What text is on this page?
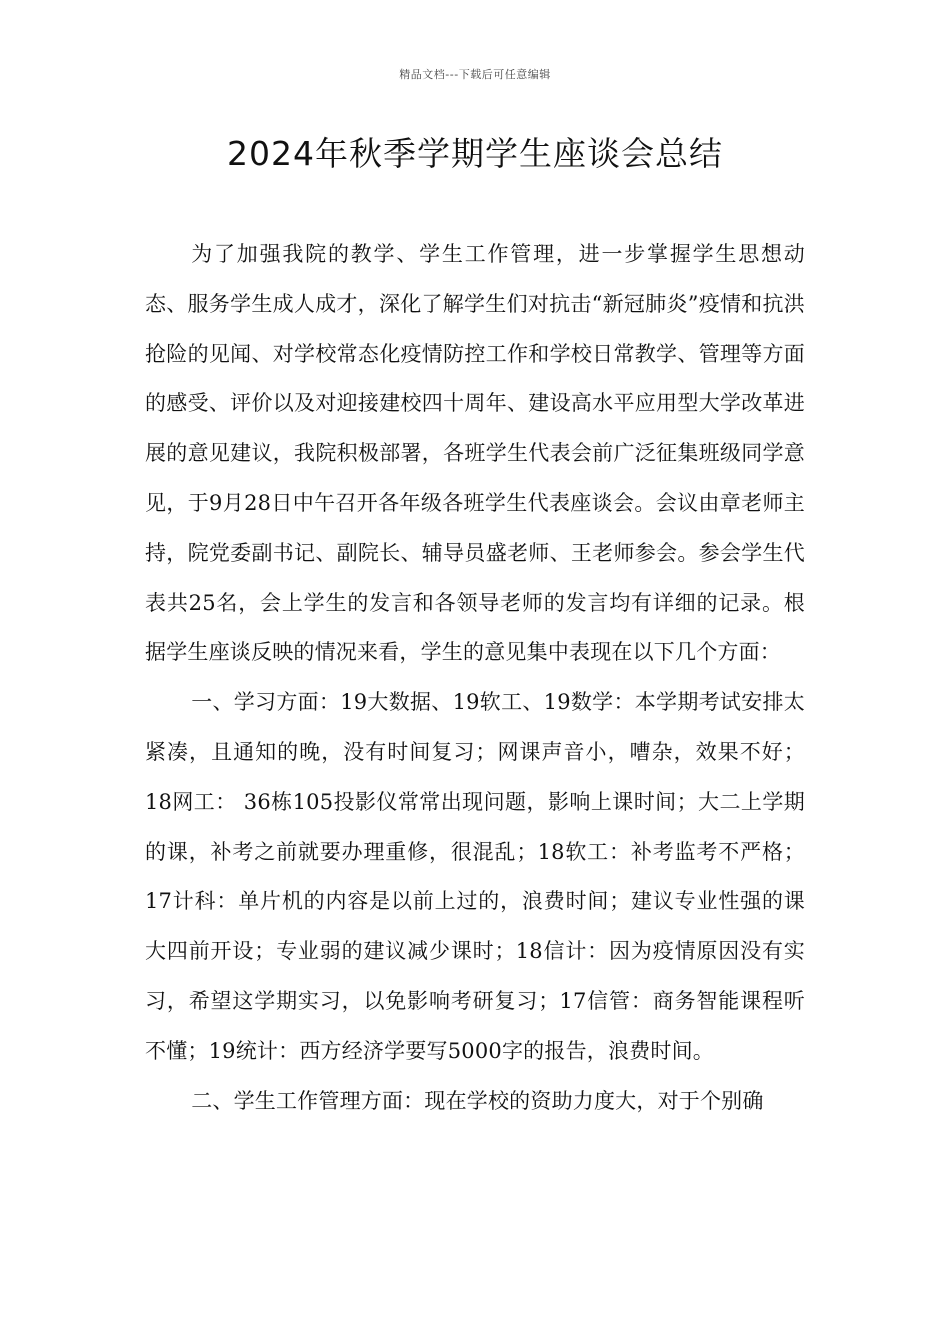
精品文档---下载后可任意编辑
2024年秋季学期学生座谈会总结

为了加强我院的教学、学生工作管理，进一步掌握学生思想动态、服务学生成人成才，深化了解学生们对抗击“新冠肺炎”疫情和抗洪抢险的见闻、对学校常态化疫情防控工作和学校日常教学、管理等方面的感受、评价以及对迎接建校四十周年、建设高水平应用型大学改革进展的意见建议，我院积极部署，各班学生代表会前广泛征集班级同学意见，于9月28日中午召开各年级各班学生代表座谈会。会议由章老师主持，院党委副书记、副院长、辅导员盛老师、王老师参会。参会学生代表共25名，会上学生的发言和各领导老师的发言均有详细的记录。根据学生座谈反映的情况来看，学生的意见集中表现在以下几个方面：

一、学习方面：19大数据、19软工、19数学：本学期考试安排太紧凑，且通知的晚，没有时间复习；网课声音小，嘈杂，效果不好；18网工： 36栋105投影仪常常出现问题，影响上课时间；大二上学期的课，补考之前就要办理重修，很混乱；18软工：补考监考不严格；17计科：单片机的内容是以前上过的，浪费时间；建议专业性强的课大四前开设；专业弱的建议减少课时；18信计：因为疫情原因没有实习，希望这学期实习，以免影响考研复习；17信管：商务智能课程听不懂；19统计：西方经济学要写5000字的报告，浪费时间。

二、学生工作管理方面：现在学校的资助力度大，对于个别确
